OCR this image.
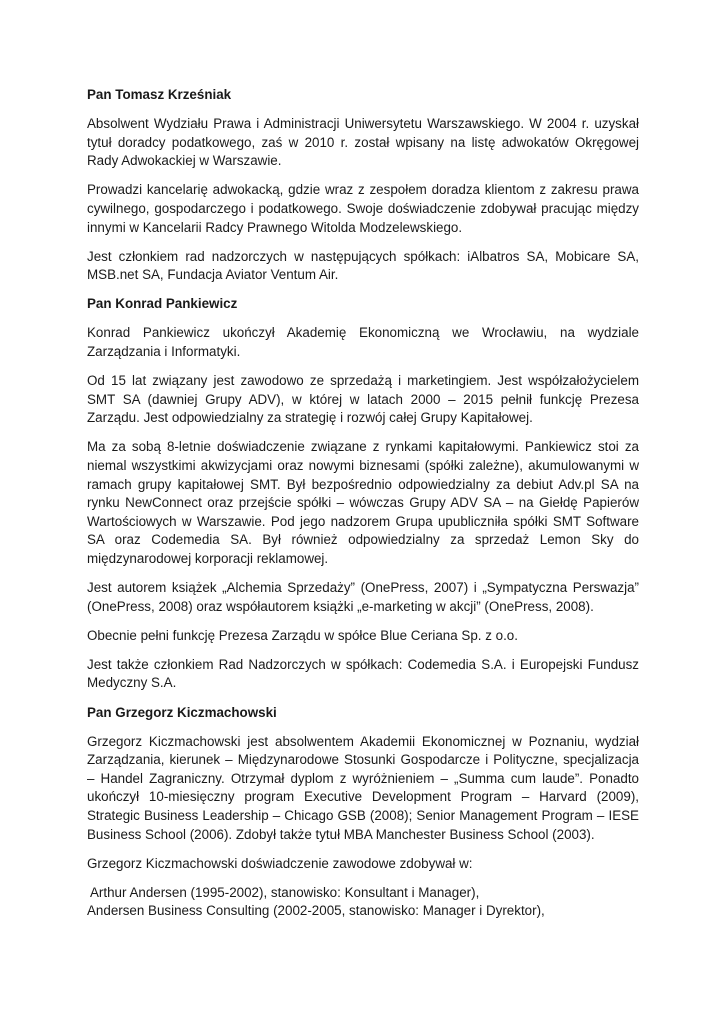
Pan Tomasz Krześniak

Absolwent Wydziału Prawa i Administracji Uniwersytetu Warszawskiego. W 2004 r. uzyskał tytuł doradcy podatkowego, zaś w 2010 r. został wpisany na listę adwokatów Okręgowej Rady Adwokackiej w Warszawie.

Prowadzi kancelarię adwokacką, gdzie wraz z zespołem doradza klientom z zakresu prawa cywilnego, gospodarczego i podatkowego. Swoje doświadczenie zdobywał pracując między innymi w Kancelarii Radcy Prawnego Witolda Modzelewskiego.

Jest członkiem rad nadzorczych w następujących spółkach: iAlbatros SA, Mobicare SA, MSB.net SA, Fundacja Aviator Ventum Air.

Pan Konrad Pankiewicz

Konrad Pankiewicz ukończył Akademię Ekonomiczną we Wrocławiu, na wydziale Zarządzania i Informatyki.

Od 15 lat związany jest zawodowo ze sprzedażą i marketingiem. Jest współzałożycielem SMT SA (dawniej Grupy ADV), w której w latach 2000 – 2015 pełnił funkcję Prezesa Zarządu. Jest odpowiedzialny za strategię i rozwój całej Grupy Kapitałowej.

Ma za sobą 8-letnie doświadczenie związane z rynkami kapitałowymi. Pankiewicz stoi za niemal wszystkimi akwizycjami oraz nowymi biznesami (spółki zależne), akumulowanymi w ramach grupy kapitałowej SMT. Był bezpośrednio odpowiedzialny za debiut Adv.pl SA na rynku NewConnect oraz przejście spółki – wówczas Grupy ADV SA – na Giełdę Papierów Wartościowych w Warszawie. Pod jego nadzorem Grupa upubliczniła spółki SMT Software SA oraz Codemedia SA. Był również odpowiedzialny za sprzedaż Lemon Sky do międzynarodowej korporacji reklamowej.

Jest autorem książek „Alchemia Sprzedaży” (OnePress, 2007) i „Sympatyczna Perswazja” (OnePress, 2008) oraz współautorem książki „e-marketing w akcji” (OnePress, 2008).

Obecnie pełni funkcję Prezesa Zarządu w spółce Blue Ceriana Sp. z o.o.

Jest także członkiem Rad Nadzorczych w spółkach: Codemedia S.A. i Europejski Fundusz Medyczny S.A.

Pan Grzegorz Kiczmachowski

Grzegorz Kiczmachowski jest absolwentem Akademii Ekonomicznej w Poznaniu, wydział Zarządzania, kierunek – Międzynarodowe Stosunki Gospodarcze i Polityczne, specjalizacja – Handel Zagraniczny. Otrzymał dyplom z wyróżnieniem – „Summa cum laude”. Ponadto ukończył 10-miesięczny program Executive Development Program – Harvard (2009), Strategic Business Leadership – Chicago GSB (2008); Senior Management Program – IESE Business School (2006). Zdobył także tytuł MBA Manchester Business School (2003).

Grzegorz Kiczmachowski doświadczenie zawodowe zdobywał w:

Arthur Andersen (1995-2002), stanowisko: Konsultant i Manager),

Andersen Business Consulting (2002-2005, stanowisko: Manager i Dyrektor),
